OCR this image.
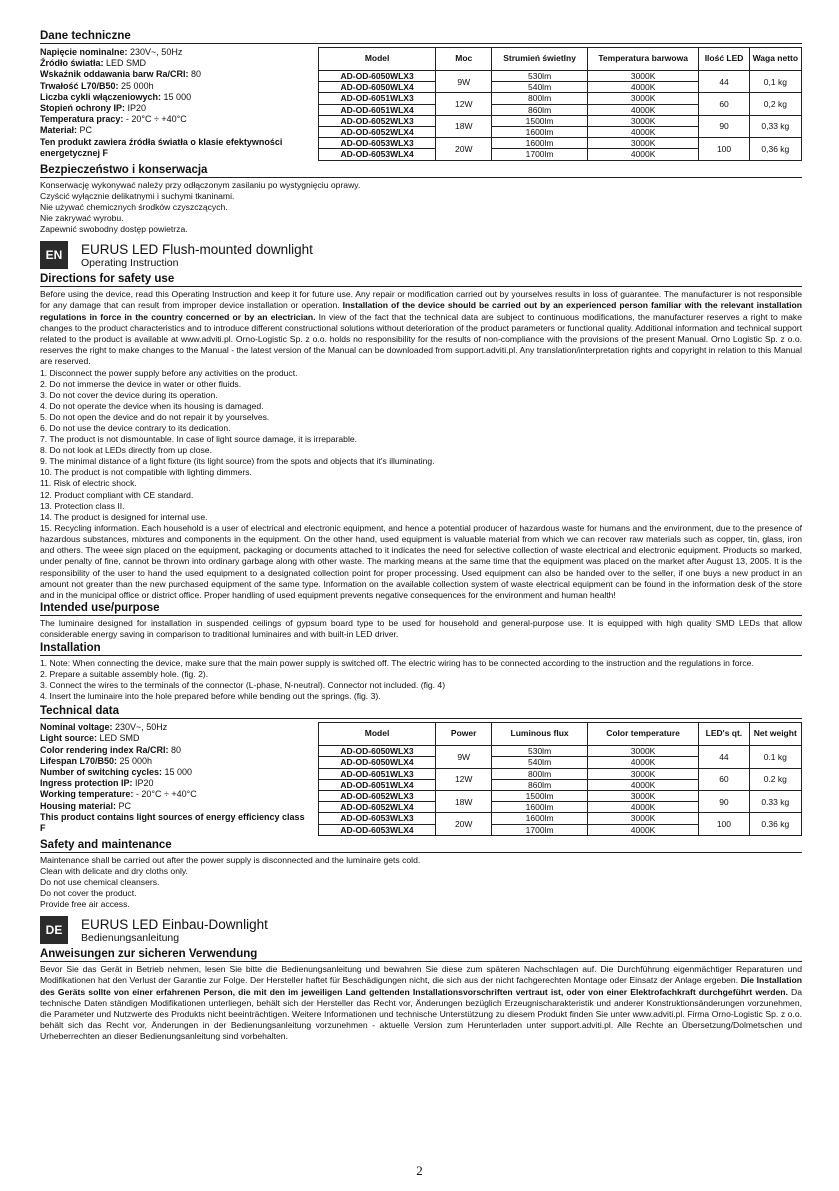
Dane techniczne
Napięcie nominalne: 230V~, 50Hz
Źródło światła: LED SMD
Wskaźnik oddawania barw Ra/CRI: 80
Trwałość L70/B50: 25 000h
Liczba cykli włączeniowych: 15 000
Stopień ochrony IP: IP20
Temperatura pracy: - 20°C ÷ +40°C
Materiał: PC
Ten produkt zawiera źródła światła o klasie efektywności energetycznej F
Model	Moc	Strumień świetlny	Temperatura barwowa	Ilość LED	Waga netto
AD-OD-6050WLX3	9W	530lm	3000K	44	0,1 kg
AD-OD-6050WLX4		540lm	4000K		
AD-OD-6051WLX3	12W	800lm	3000K	60	0,2 kg
AD-OD-6051WLX4		860lm	4000K		
AD-OD-6052WLX3	18W	1500lm	3000K	90	0,33 kg
AD-OD-6052WLX4		1600lm	4000K		
AD-OD-6053WLX3	20W	1600lm	3000K	100	0,36 kg
AD-OD-6053WLX4		1700lm	4000K		
Bezpieczeństwo i konserwacja
Konserwację wykonywać należy przy odłączonym zasilaniu po wystygnięciu oprawy.
Czyścić wyłącznie delikatnymi i suchymi tkaninami.
Nie używać chemicznych środków czyszczących.
Nie zakrywać wyrobu.
Zapewnić swobodny dostęp powietrza.
EN	EURUS LED Flush-mounted downlight
Operating Instruction
Directions for safety use

Before using the device, read this Operating Instruction and keep it for future use. Any repair or modification carried out by yourselves results in loss of guarantee. The manufacturer is not responsible for any damage that can result from improper device installation or operation. Installation of the device should be carried out by an experienced person familiar with the relevant installation regulations in force in the country concerned or by an electrician. In view of the fact that the technical data are subject to continuous modifications, the manufacturer reserves a right to make changes to the product characteristics and to introduce different constructional solutions without deterioration of the product parameters or functional quality. Additional information and technical support related to the product is available at www.adviti.pl. Orno-Logistic Sp. z o.o. holds no responsibility for the results of non-compliance with the provisions of the present Manual. Orno Logistic Sp. z o.o. reserves the right to make changes to the Manual - the latest version of the Manual can be downloaded from support.adviti.pl. Any translation/interpretation rights and copyright in relation to this Manual are reserved.

1. Disconnect the power supply before any activities on the product.
2. Do not immerse the device in water or other fluids.
3. Do not cover the device during its operation.
4. Do not operate the device when its housing is damaged.
5. Do not open the device and do not repair it by yourselves.
6. Do not use the device contrary to its dedication.
7. The product is not dismountable. In case of light source damage, it is irreparable.
8. Do not look at LEDs directly from up close.
9. The minimal distance of a light fixture (its light source) from the spots and objects that it's illuminating.
10. The product is not compatible with lighting dimmers.
11. Risk of electric shock.
12. Product compliant with CE standard.
13. Protection class II.
14. The product is designed for internal use.

15. Recycling information. Each household is a user of electrical and electronic equipment, and hence a potential producer of hazardous waste for humans and the environment, due to the presence of hazardous substances, mixtures and components in the equipment. On the other hand, used equipment is valuable material from which we can recover raw materials such as copper, tin, glass, iron and others. The weee sign placed on the equipment, packaging or documents attached to it indicates the need for selective collection of waste electrical and electronic equipment. Products so marked, under penalty of fine, cannot be thrown into ordinary garbage along with other waste. The marking means at the same time that the equipment was placed on the market after August 13, 2005. It is the responsibility of the user to hand the used equipment to a designated collection point for proper processing. Used equipment can also be handed over to the seller, if one buys a new product in an amount not greater than the new purchased equipment of the same type. Information on the available collection system of waste electrical equipment can be found in the information desk of the store and in the municipal office or district office. Proper handling of used equipment prevents negative consequences for the environment and human health!

Intended use/purpose

The luminaire designed for installation in suspended ceilings of gypsum board type to be used for household and general-purpose use. It is equipped with high quality SMD LEDs that allow considerable energy saving in comparison to traditional luminaires and with built-in LED driver.

Installation

1. Note: When connecting the device, make sure that the main power supply is switched off. The electric wiring has to be connected according to the instruction and the regulations in force.

2. Prepare a suitable assembly hole. (fig. 2).
3. Connect the wires to the terminals of the connector (L-phase, N-neutral). Connector not included. (fig. 4)
4. Insert the luminaire into the hole prepared before while bending out the springs. (fig. 3).
Technical data
Nominal voltage: 230V~, 50Hz
Light source: LED SMD
Color rendering index Ra/CRI: 80
Lifespan L70/B50: 25 000h
Number of switching cycles: 15 000
Ingress protection IP: IP20
Working temperature: - 20°C ÷ +40°C
Housing material: PC
This product contains light sources of energy efficiency class F
Model	Power	Luminous flux	Color temperature	LED's qt.	Net weight
AD-OD-6050WLX3	9W	530lm	3000K	44	0.1 kg
AD-OD-6050WLX4		540lm	4000K		
AD-OD-6051WLX3	12W	800lm	3000K	60	0.2 kg
AD-OD-6051WLX4		860lm	4000K		
AD-OD-6052WLX3	18W	1500lm	3000K	90	0.33 kg
AD-OD-6052WLX4		1600lm	4000K		
AD-OD-6053WLX3	20W	1600lm	3000K	100	0.36 kg
AD-OD-6053WLX4		1700lm	4000K		
Safety and maintenance
Maintenance shall be carried out after the power supply is disconnected and the luminaire gets cold.
Clean with delicate and dry cloths only.
Do not use chemical cleansers.
Do not cover the product.
Provide free air access.
DE	EURUS LED Einbau-Downlight
Bedienungsanleitung
Anweisungen zur sicheren Verwendung

Bevor Sie das Gerät in Betrieb nehmen, lesen Sie bitte die Bedienungsanleitung und bewahren Sie diese zum späteren Nachschlagen auf. Die Durchführung eigenmächtiger Reparaturen und Modifikationen hat den Verlust der Garantie zur Folge. Der Hersteller haftet für Beschädigungen nicht, die sich aus der nicht fachgerechten Montage oder Einsatz der Anlage ergeben. Die Installation des Geräts sollte von einer erfahrenen Person, die mit den im jeweiligen Land geltenden Installationsvorschriften vertraut ist, oder von einer Elektrofachkraft durchgeführt werden. Da technische Daten ständigen Modifikationen unterliegen, behält sich der Hersteller das Recht vor, Änderungen bezüglich Erzeugnischarakteristik und anderer Konstruktionsänderungen vorzunehmen, die Parameter und Nutzwerte des Produkts nicht beeinträchtigen. Weitere Informationen und technische Unterstützung zu diesem Produkt finden Sie unter www.adviti.pl. Firma Orno-Logistic Sp. z o.o. behält sich das Recht vor, Änderungen in der Bedienungsanleitung vorzunehmen - aktuelle Version zum Herunterladen unter support.adviti.pl. Alle Rechte an Übersetzung/Dolmetschen und Urheberrechten an dieser Bedienungsanleitung sind vorbehalten.

2
